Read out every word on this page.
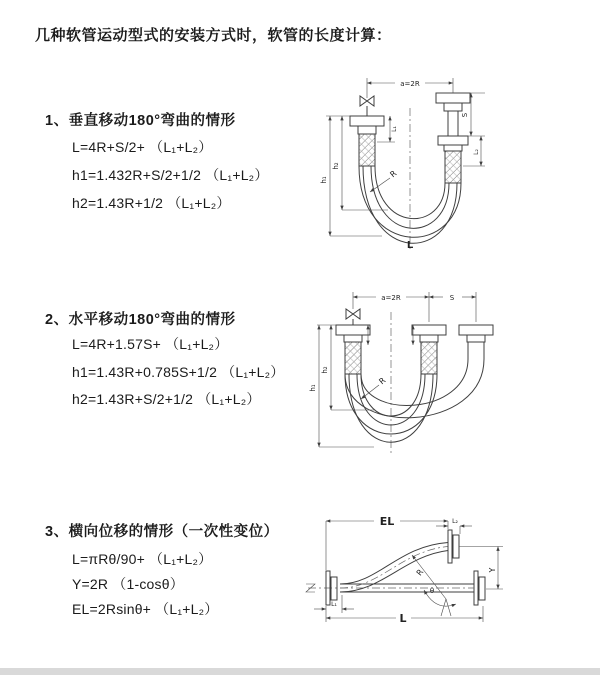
几种软管运动型式的安装方式时，软管的长度计算：
1、垂直移动180°弯曲的情形
L=4R+S/2+ （L₁+L₂）
h1=1.432R+S/2+1/2 （L₁+L₂）
h2=1.43R+1/2 （L₁+L₂）
2、水平移动180°弯曲的情形
L=4R+1.57S+ （L₁+L₂）
h1=1.43R+0.785S+1/2 （L₁+L₂）
h2=1.43R+S/2+1/2 （L₁+L₂）
3、横向位移的情形（一次性变位）
L=πRθ/90+ （L₁+L₂）
Y=2R （1-cosθ）
EL=2Rsinθ+ （L₁+L₂）
a=2R
h₁
h₂
L₁
S
L₂
R
L
a=2R	S
h₁
h₂
R
EL	L₂
Y
R
θ
L₁
L
